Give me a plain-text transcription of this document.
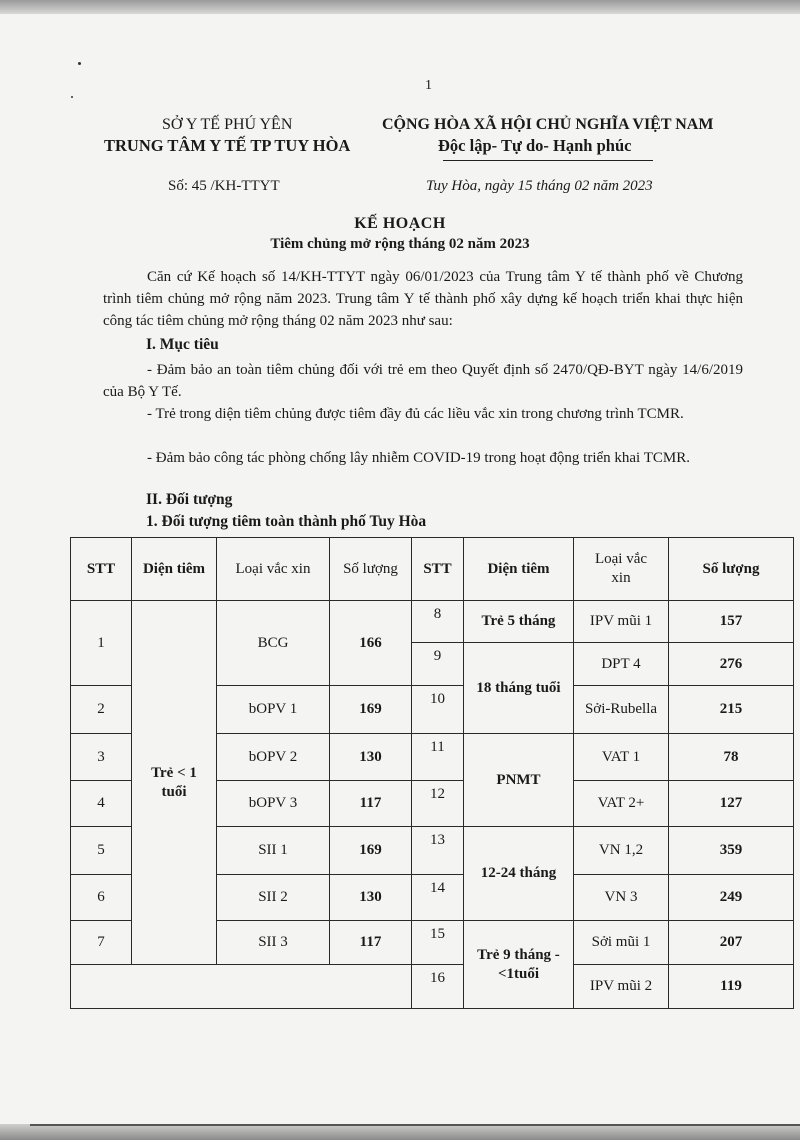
1
SỞ Y TẾ PHÚ YÊN
TRUNG TÂM Y TẾ TP TUY HÒA
CỘNG HÒA XÃ HỘI CHỦ NGHĨA VIỆT NAM
Độc lập- Tự do- Hạnh phúc
Số: 45 /KH-TTYT	Tuy Hòa, ngày 15 tháng 02 năm 2023
KẾ HOẠCH
Tiêm chủng mở rộng tháng 02 năm 2023
Căn cứ Kế hoạch số 14/KH-TTYT ngày 06/01/2023 của Trung tâm Y tế thành phố về Chương trình tiêm chủng mở rộng năm 2023. Trung tâm Y tế thành phố xây dựng kế hoạch triển khai thực hiện công tác tiêm chủng mở rộng tháng 02 năm 2023 như sau:
I. Mục tiêu
- Đảm bảo an toàn tiêm chủng đối với trẻ em theo Quyết định số 2470/QĐ-BYT ngày 14/6/2019 của Bộ Y Tế.
- Trẻ trong diện tiêm chủng được tiêm đầy đủ các liều vắc xin trong chương trình TCMR.
- Đảm bảo công tác phòng chống lây nhiễm COVID-19 trong hoạt động triển khai TCMR.
II. Đối tượng
1. Đối tượng tiêm toàn thành phố Tuy Hòa
STT	Diện tiêm	Loại vắc xin	Số lượng	STT	Diện tiêm	Loại vắc xin	Số lượng
1	Trẻ < 1 tuổi	BCG	166	8	Trẻ 5 tháng	IPV mũi 1	157
				9	18 tháng tuổi	DPT 4	276
2		bOPV 1	169	10		Sởi-Rubella	215
3		bOPV 2	130	11	PNMT	VAT 1	78
4		bOPV 3	117	12		VAT 2+	127
5		SII 1	169	13	12-24 tháng	VN 1,2	359
6		SII 2	130	14		VN 3	249
7		SII 3	117	15	Trẻ 9 tháng - <1tuổi	Sởi mũi 1	207
				16		IPV mũi 2	119
